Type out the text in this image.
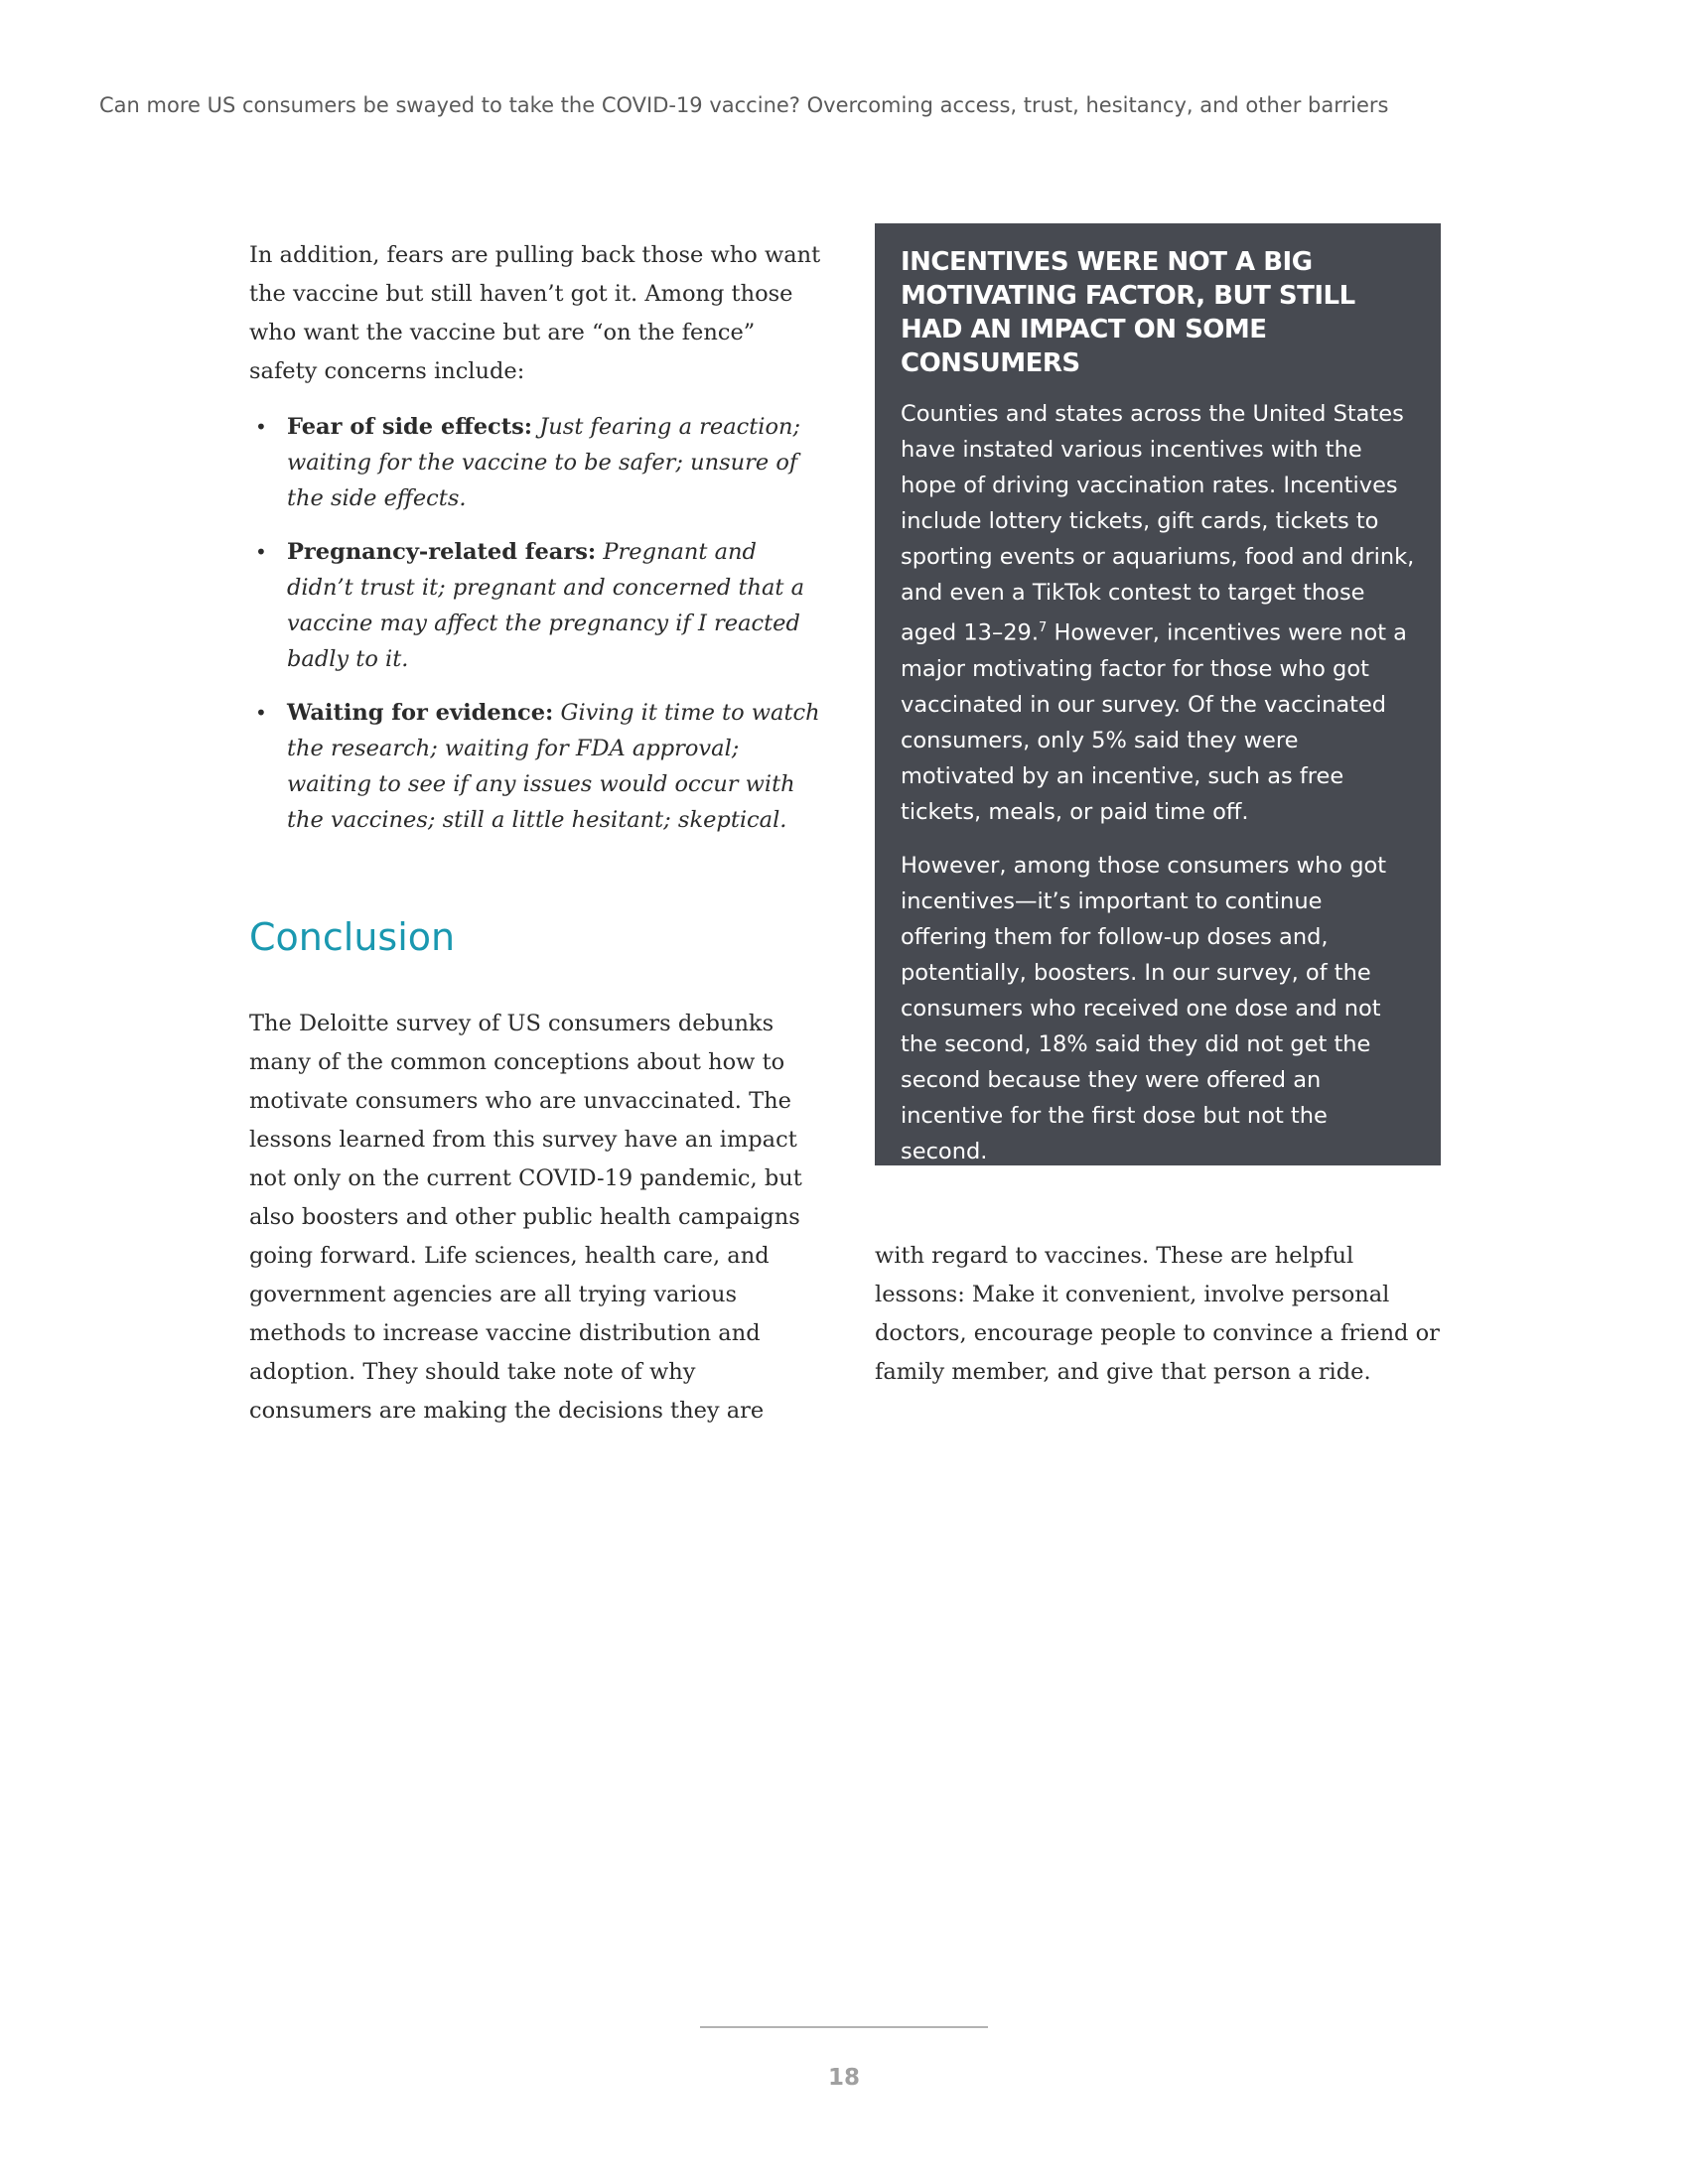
Can more US consumers be swayed to take the COVID-19 vaccine? Overcoming access, trust, hesitancy, and other barriers

In addition, fears are pulling back those who want the vaccine but still haven’t got it. Among those who want the vaccine but are “on the fence” safety concerns include:

• Fear of side effects: Just fearing a reaction; waiting for the vaccine to be safer; unsure of the side effects.
• Pregnancy-related fears: Pregnant and didn’t trust it; pregnant and concerned that a vaccine may affect the pregnancy if I reacted badly to it.
• Waiting for evidence: Giving it time to watch the research; waiting for FDA approval; waiting to see if any issues would occur with the vaccines; still a little hesitant; skeptical.
Conclusion

The Deloitte survey of US consumers debunks many of the common conceptions about how to motivate consumers who are unvaccinated. The lessons learned from this survey have an impact not only on the current COVID-19 pandemic, but also boosters and other public health campaigns going forward. Life sciences, health care, and government agencies are all trying various methods to increase vaccine distribution and adoption. They should take note of why consumers are making the decisions they are

with regard to vaccines. These are helpful lessons: Make it convenient, involve personal doctors, encourage people to convince a friend or family member, and give that person a ride.

INCENTIVES WERE NOT A BIG MOTIVATING FACTOR, BUT STILL HAD AN IMPACT ON SOME CONSUMERS

Counties and states across the United States have instated various incentives with the hope of driving vaccination rates. Incentives include lottery tickets, gift cards, tickets to sporting events or aquariums, food and drink, and even a TikTok contest to target those aged 13–29.$^7$ However, incentives were not a major motivating factor for those who got vaccinated in our survey. Of the vaccinated consumers, only 5% said they were motivated by an incentive, such as free tickets, meals, or paid time off.

However, among those consumers who got incentives—it’s important to continue offering them for follow-up doses and, potentially, boosters. In our survey, of the consumers who received one dose and not the second, 18% said they did not get the second because they were offered an incentive for the first dose but not the second.

18
